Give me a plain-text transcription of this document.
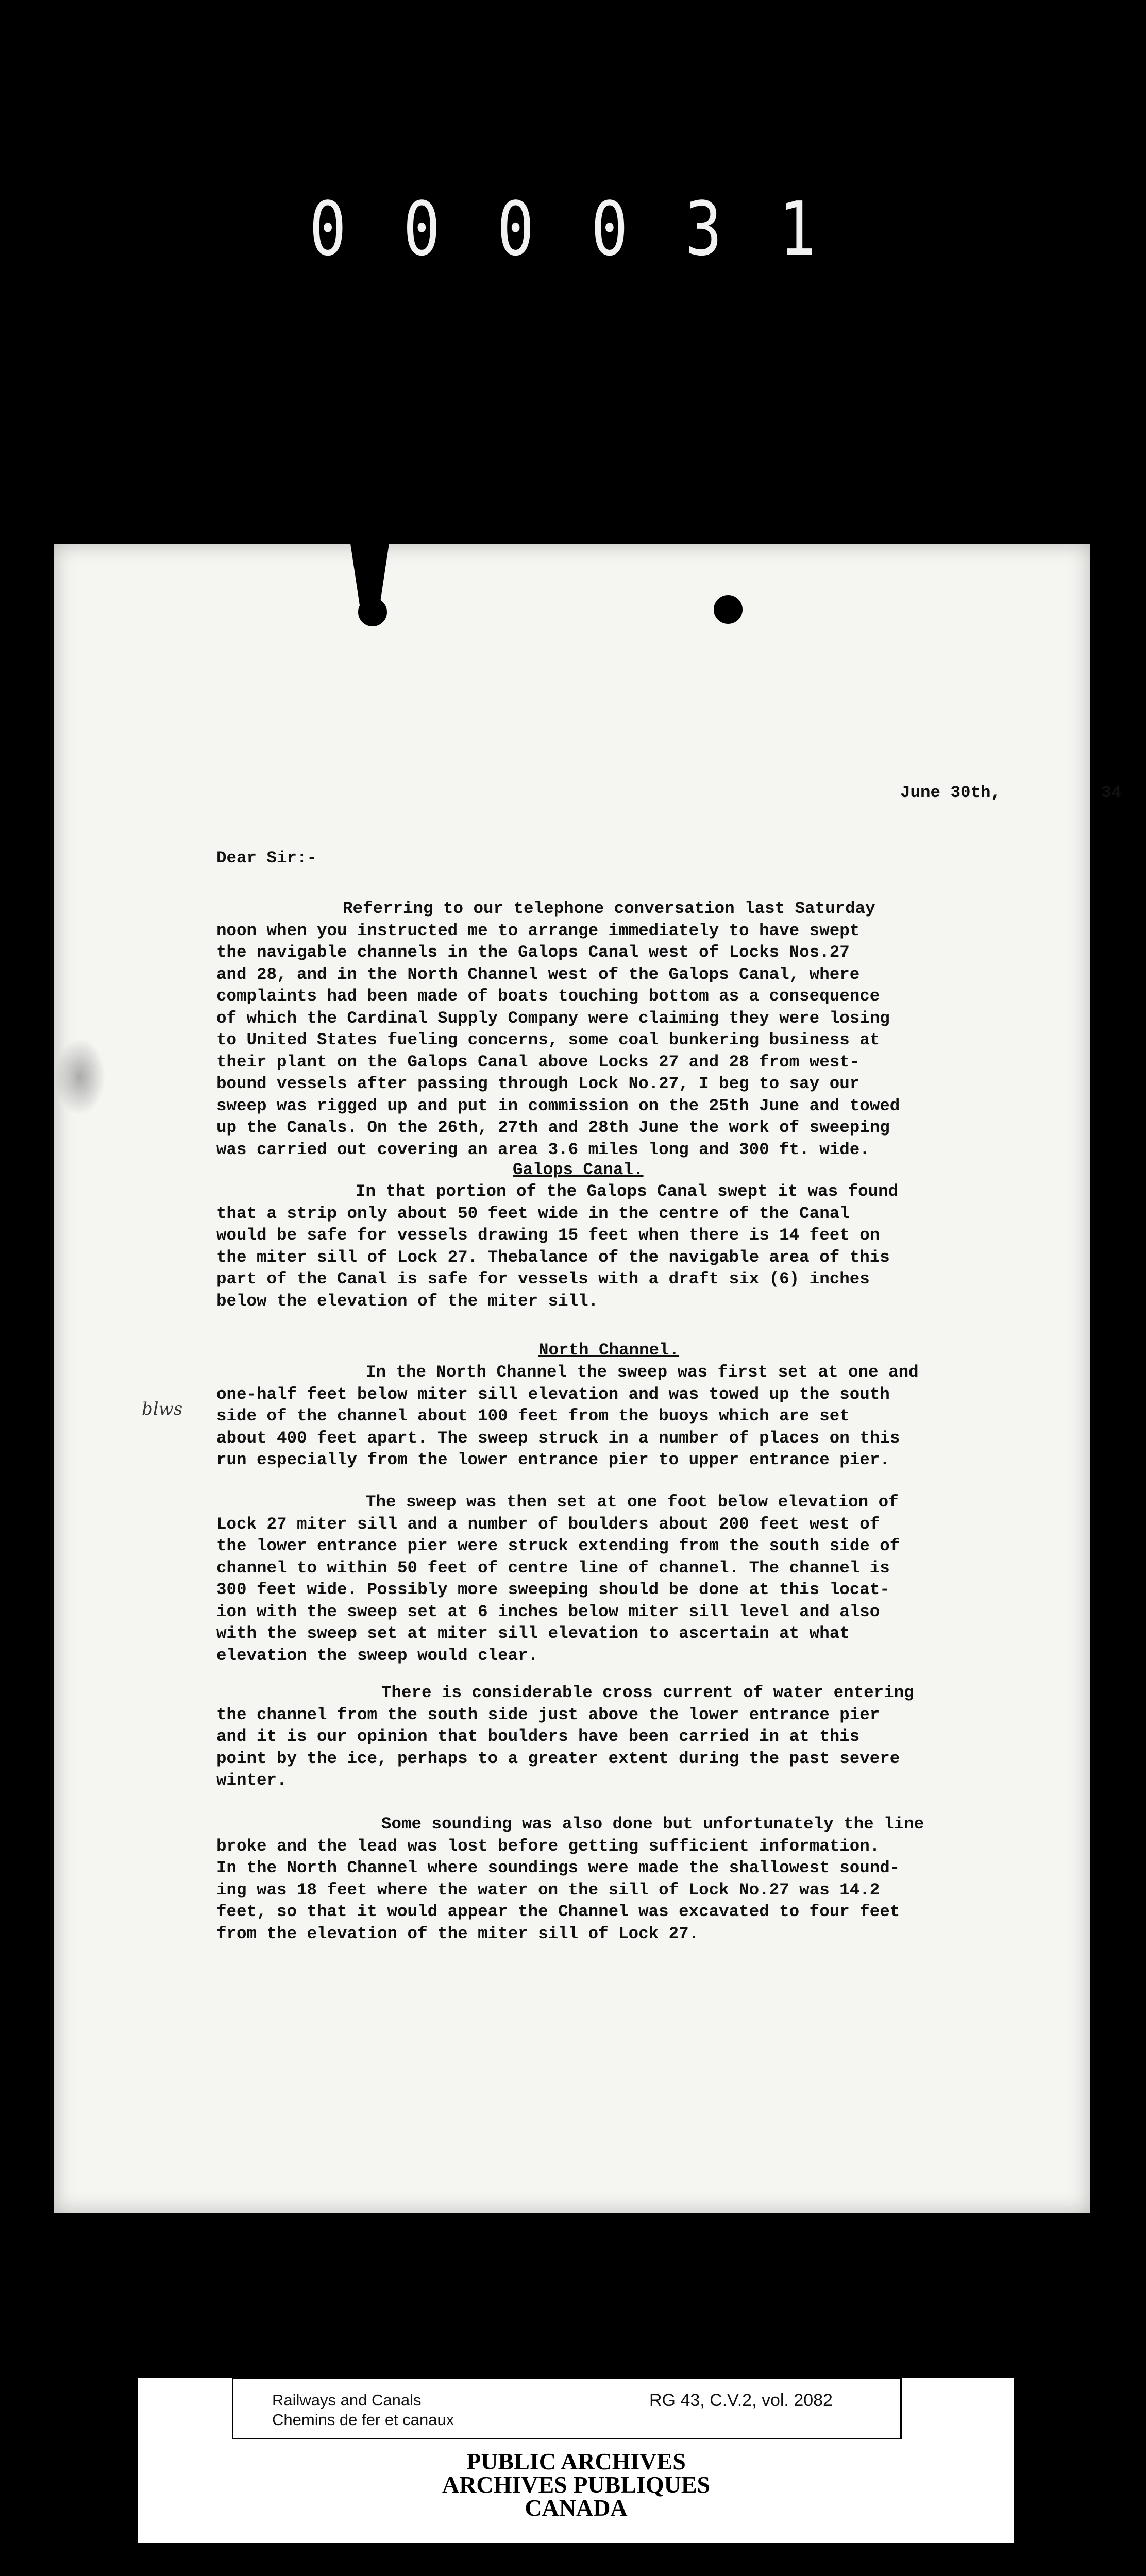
0 0 0 0 3 1

June 30th,	34

Dear Sir:-

Referring to our telephone conversation last Saturday

noon when you instructed me to arrange immediately to have swept

the navigable channels in the Galops Canal west of Locks Nos.27

and 28, and in the North Channel west of the Galops Canal, where

complaints had been made of boats touching bottom as a consequence

of which the Cardinal Supply Company were claiming they were losing

to United States fueling concerns, some coal bunkering business at

their plant on the Galops Canal above Locks 27 and 28 from west-

bound vessels after passing through Lock No.27, I beg to say our

sweep was rigged up and put in commission on the 25th June and towed

up the Canals. On the 26th, 27th and 28th June the work of sweeping

was carried out covering an area 3.6 miles long and 300 ft. wide.

Galops Canal.

In that portion of the Galops Canal swept it was found

that a strip only about 50 feet wide in the centre of the Canal

would be safe for vessels drawing 15 feet when there is 14 feet on

the miter sill of Lock 27. Thebalance of the navigable area of this

part of the Canal is safe for vessels with a draft six (6) inches

below the elevation of the miter sill.

North Channel.

In the North Channel the sweep was first set at one and

one-half feet below miter sill elevation and was towed up the south

side of the channel about 100 feet from the buoys which are set

about 400 feet apart. The sweep struck in a number of places on this

run especially from the lower entrance pier to upper entrance pier.

The sweep was then set at one foot below elevation of

Lock 27 miter sill and a number of boulders about 200 feet west of

the lower entrance pier were struck extending from the south side of

channel to within 50 feet of centre line of channel. The channel is

300 feet wide. Possibly more sweeping should be done at this locat-

ion with the sweep set at 6 inches below miter sill level and also

with the sweep set at miter sill elevation to ascertain at what

elevation the sweep would clear.

There is considerable cross current of water entering

the channel from the south side just above the lower entrance pier

and it is our opinion that boulders have been carried in at this

point by the ice, perhaps to a greater extent during the past severe

winter.

Some sounding was also done but unfortunately the line

broke and the lead was lost before getting sufficient information.

In the North Channel where soundings were made the shallowest sound-

ing was 18 feet where the water on the sill of Lock No.27 was 14.2

feet, so that it would appear the Channel was excavated to four feet

from the elevation of the miter sill of Lock 27.

blws
Railways and Canals
Chemins de fer et canaux
RG 43, C.V.2, vol. 2082
PUBLIC ARCHIVES
ARCHIVES PUBLIQUES
CANADA
